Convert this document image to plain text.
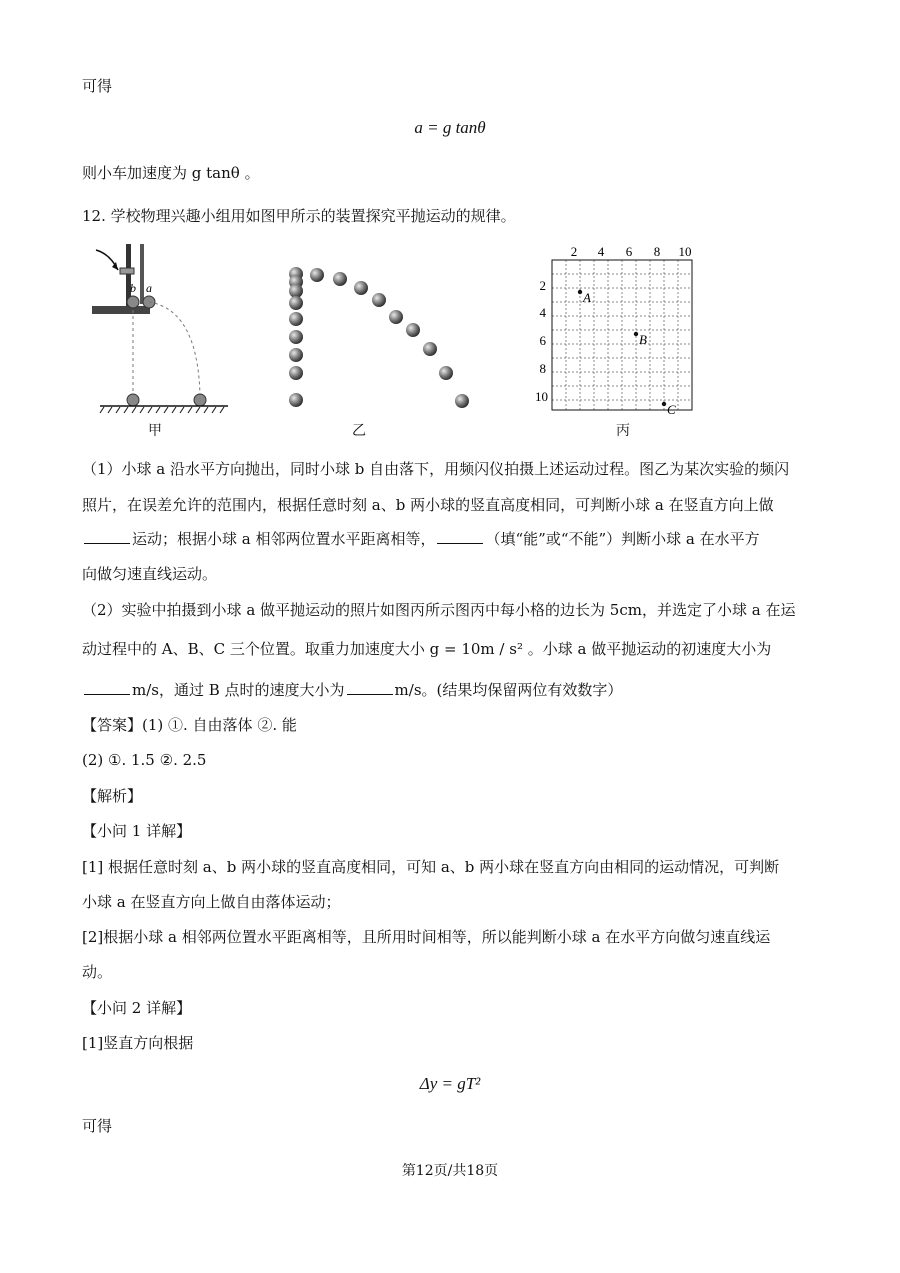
可得
a = g tanθ
则小车加速度为 g tanθ 。
12. 学校物理兴趣小组用如图甲所示的装置探究平抛运动的规律。
b a
甲	乙
2 4 6 8 10
2
4
6
8
10
A
B
C
丙
（1）小球 a 沿水平方向抛出，同时小球 b 自由落下，用频闪仪拍摄上述运动过程。图乙为某次实验的频闪
照片，在误差允许的范围内，根据任意时刻 a、b 两小球的竖直高度相同，可判断小球 a 在竖直方向上做
运动；根据小球 a 相邻两位置水平距离相等，	（填“能”或“不能”）判断小球 a 在水平方
向做匀速直线运动。
（2）实验中拍摄到小球 a 做平抛运动的照片如图丙所示图丙中每小格的边长为 5cm，并选定了小球 a 在运
动过程中的 A、B、C 三个位置。取重力加速度大小 g = 10m / s² 。小球 a 做平抛运动的初速度大小为
m/s，通过 B 点时的速度大小为	m/s。(结果均保留两位有效数字）
【答案】(1) ①. 自由落体 ②. 能
(2) ①. 1.5 ②. 2.5
【解析】
【小问 1 详解】
[1] 根据任意时刻 a、b 两小球的竖直高度相同，可知 a、b 两小球在竖直方向由相同的运动情况，可判断
小球 a 在竖直方向上做自由落体运动；
[2]根据小球 a 相邻两位置水平距离相等，且所用时间相等，所以能判断小球 a 在水平方向做匀速直线运
动。
【小问 2 详解】
[1]竖直方向根据
Δy = gT²
可得
第12页/共18页
